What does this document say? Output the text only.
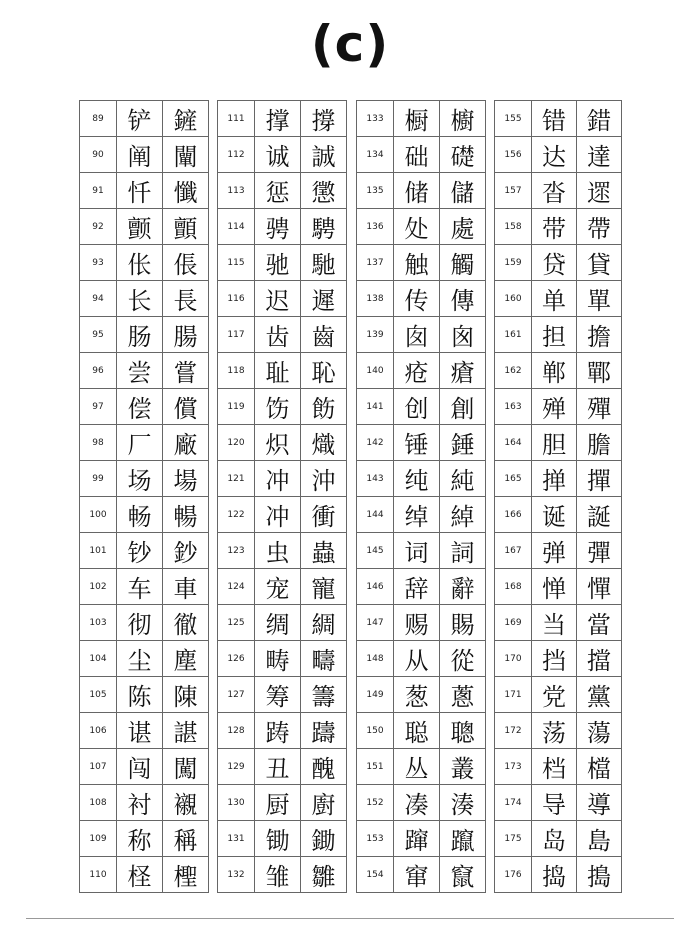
(c)
89	铲	鏟
90	阐	闡
91	忏	懺
92	颤	顫
93	伥	倀
94	长	長
95	肠	腸
96	尝	嘗
97	偿	償
98	厂	廠
99	场	場
100	畅	暢
101	钞	鈔
102	车	車
103	彻	徹
104	尘	塵
105	陈	陳
106	谌	諶
107	闯	闖
108	衬	襯
109	称	稱
110	柽	檉
111	撑	撐
112	诚	誠
113	惩	懲
114	骋	騁
115	驰	馳
116	迟	遲
117	齿	齒
118	耻	恥
119	饬	飭
120	炽	熾
121	冲	沖
122	冲	衝
123	虫	蟲
124	宠	寵
125	绸	綢
126	畴	疇
127	筹	籌
128	踌	躊
129	丑	醜
130	厨	廚
131	锄	鋤
132	雏	雛
133	橱	櫥
134	础	礎
135	储	儲
136	处	處
137	触	觸
138	传	傳
139	囱	囪
140	疮	瘡
141	创	創
142	锤	錘
143	纯	純
144	绰	綽
145	词	詞
146	辞	辭
147	赐	賜
148	从	從
149	葱	蔥
150	聪	聰
151	丛	叢
152	凑	湊
153	蹿	躥
154	窜	竄
155	错	錯
156	达	達
157	沓	遝
158	带	帶
159	贷	貸
160	单	單
161	担	擔
162	郸	鄲
163	殚	殫
164	胆	膽
165	掸	撣
166	诞	誕
167	弹	彈
168	惮	憚
169	当	當
170	挡	擋
171	党	黨
172	荡	蕩
173	档	檔
174	导	導
175	岛	島
176	捣	搗
